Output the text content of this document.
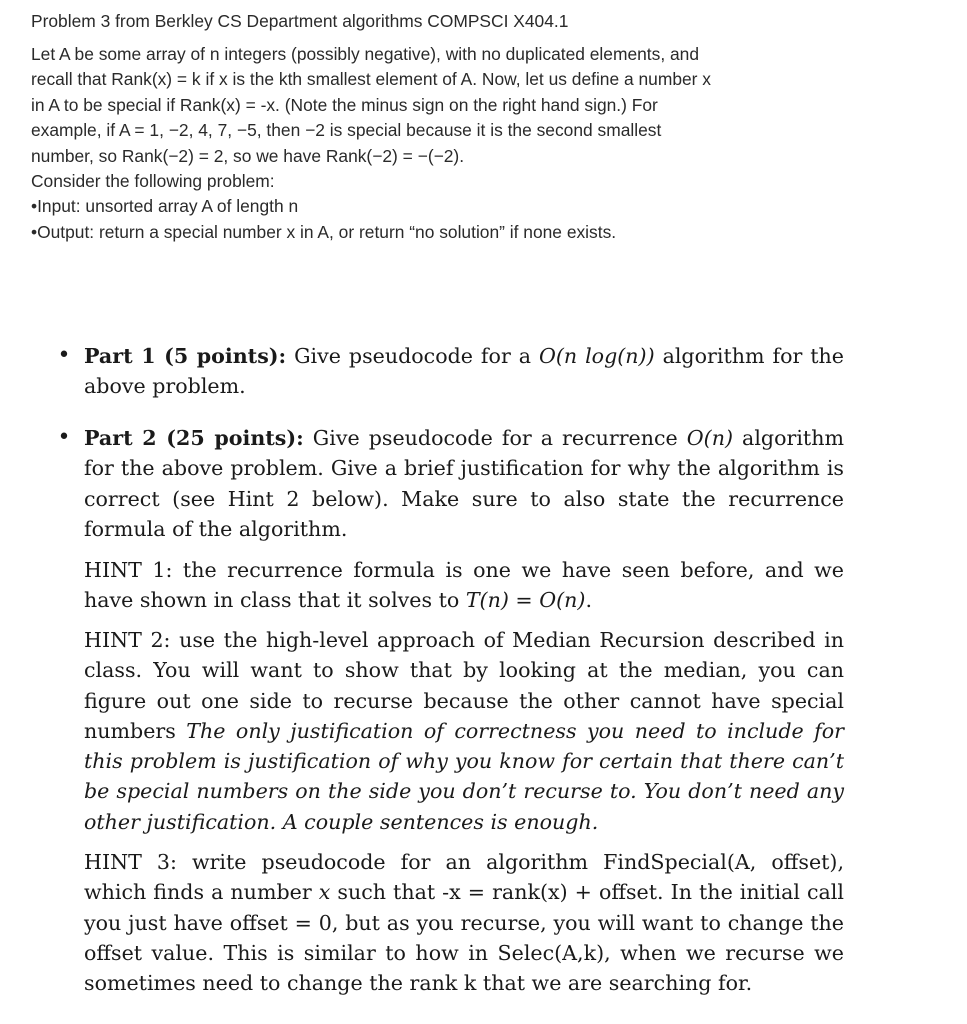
Problem 3 from Berkley CS Department algorithms COMPSCI X404.1

Let A be some array of n integers (possibly negative), with no duplicated elements, and recall that Rank(x) = k if x is the kth smallest element of A. Now, let us define a number x in A to be special if Rank(x) = -x. (Note the minus sign on the right hand sign.) For example, if A = 1, −2, 4, 7, −5, then −2 is special because it is the second smallest number, so Rank(−2) = 2, so we have Rank(−2) = −(−2).

Consider the following problem:

•Input: unsorted array A of length n

•Output: return a special number x in A, or return “no solution” if none exists.

• Part 1 (5 points): Give pseudocode for a O(n log(n)) algorithm for the above problem.

• Part 2 (25 points): Give pseudocode for a recurrence O(n) algorithm for the above problem. Give a brief justification for why the algorithm is correct (see Hint 2 below). Make sure to also state the recurrence formula of the algorithm.

HINT 1: the recurrence formula is one we have seen before, and we have shown in class that it solves to T(n) = O(n).

HINT 2: use the high-level approach of Median Recursion described in class. You will want to show that by looking at the median, you can figure out one side to recurse because the other cannot have special numbers The only justification of correctness you need to include for this problem is justification of why you know for certain that there can’t be special numbers on the side you don’t recurse to. You don’t need any other justification. A couple sentences is enough.

HINT 3: write pseudocode for an algorithm FindSpecial(A, offset), which finds a number x such that -x = rank(x) + offset. In the initial call you just have offset = 0, but as you recurse, you will want to change the offset value. This is similar to how in Selec(A,k), when we recurse we sometimes need to change the rank k that we are searching for.
